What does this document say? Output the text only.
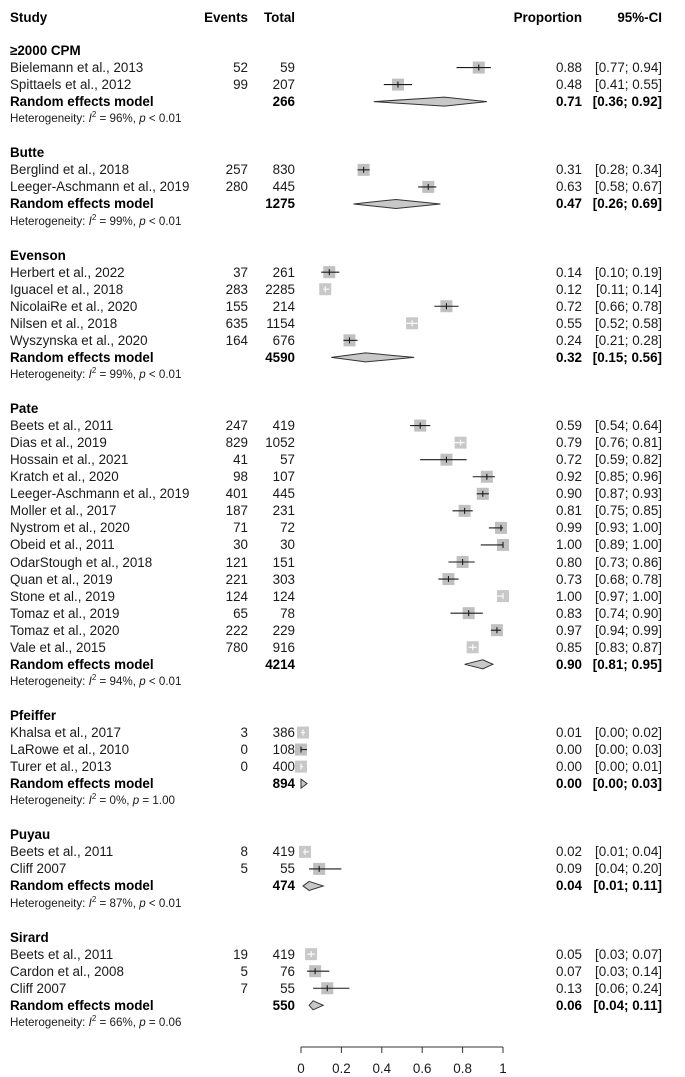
Study	Events Total	Proportion	95%-CI
≥2000 CPM
Bielemann et al., 2013	52 59	0.88 [0.77; 0.94]
Spittaels et al., 2012	99 207	0.48 [0.41; 0.55]
Random effects model	266	0.71 [0.36; 0.92]
Heterogeneity: $I^2 = 96\%$, p < 0.01
Butte
Berglind et al., 2018	257 830	0.31 [0.28; 0.34]
Leeger-Aschmann et al., 2019	280 445	0.63 [0.58; 0.67]
Random effects model	1275	0.47 [0.26; 0.69]
Heterogeneity: $I^2 = 99\%$, p < 0.01
Evenson
Herbert et al., 2022	37 261	0.14 [0.10; 0.19]
Iguacel et al., 2018	283 2285	0.12 [0.11; 0.14]
NicolaiRe et al., 2020	155 214	0.72 [0.66; 0.78]
Nilsen et al., 2018	635 1154	0.55 [0.52; 0.58]
Wyszynska et al., 2020	164 676	0.24 [0.21; 0.28]
Random effects model	4590	0.32 [0.15; 0.56]
Heterogeneity: $I^2 = 99\%$, p < 0.01
Pate
Beets et al., 2011	247 419	0.59 [0.54; 0.64]
Dias et al., 2019	829 1052	0.79 [0.76; 0.81]
Hossain et al., 2021	41 57	0.72 [0.59; 0.82]
Kratch et al., 2020	98 107	0.92 [0.85; 0.96]
Leeger-Aschmann et al., 2019	401 445	0.90 [0.87; 0.93]
Moller et al., 2017	187 231	0.81 [0.75; 0.85]
Nystrom et al., 2020	71 72	0.99 [0.93; 1.00]
Obeid et al., 2011	30 30	1.00 [0.89; 1.00]
OdarStough et al., 2018	121 151	0.80 [0.73; 0.86]
Quan et al., 2019	221 303	0.73 [0.68; 0.78]
Stone et al., 2019	124 124	1.00 [0.97; 1.00]
Tomaz et al., 2019	65 78	0.83 [0.74; 0.90]
Tomaz et al., 2020	222 229	0.97 [0.94; 0.99]
Vale et al., 2015	780 916	0.85 [0.83; 0.87]
Random effects model	4214	0.90 [0.81; 0.95]
Heterogeneity: $I^2 = 94\%$, p < 0.01
Pfeiffer
Khalsa et al., 2017	3 386	0.01 [0.00; 0.02]
LaRowe et al., 2010	0 108	0.00 [0.00; 0.03]
Turer et al., 2013	0 400	0.00 [0.00; 0.01]
Random effects model	894	0.00 [0.00; 0.03]
Heterogeneity: $I^2 = 0\%$, p = 1.00
Puyau
Beets et al., 2011	8 419	0.02 [0.01; 0.04]
Cliff 2007	5 55	0.09 [0.04; 0.20]
Random effects model	474	0.04 [0.01; 0.11]
Heterogeneity: $I^2 = 87\%$, p < 0.01
Sirard
Beets et al., 2011	19 419	0.05 [0.03; 0.07]
Cardon et al., 2008	5 76	0.07 [0.03; 0.14]
Cliff 2007	7 55	0.13 [0.06; 0.24]
Random effects model	550	0.06 [0.04; 0.11]
Heterogeneity: $I^2 = 66\%$, p = 0.06
0 0.2 0.4 0.6 0.8 1
